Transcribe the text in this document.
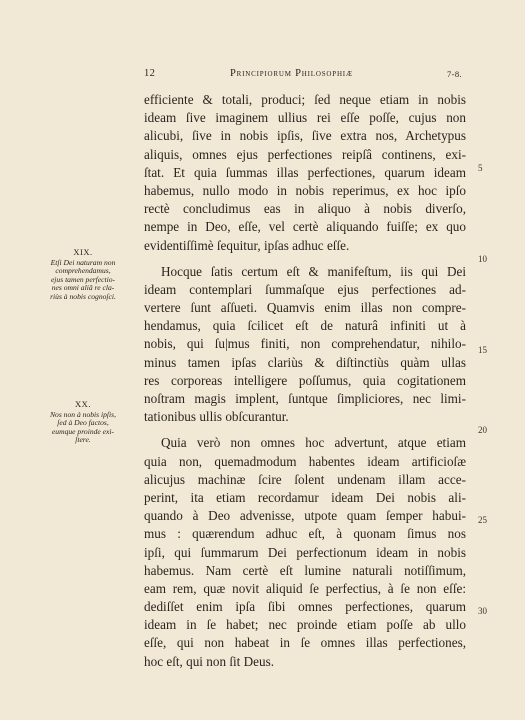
12	Principiorum Philosophiæ	7-8.
XIX.
Etſi Dei naturam non
comprehendamus,
ejus tamen perfectio-
nes omni aliâ re cla-
riùs à nobis cognoſci.
XX.
Nos non à nobis ipſis,
ſed à Deo factos,
eumque proinde exi-
ſtere.
5
10
15
20
25
30
efficiente & totali, produci; ſed neque etiam in nobis
ideam ſive imaginem ullius rei eſſe poſſe, cujus non
alicubi, ſive in nobis ipſis, ſive extra nos, Archetypus
aliquis, omnes ejus perfectiones reipſâ continens, exi-
ſtat. Et quia ſummas illas perfectiones, quarum ideam
habemus, nullo modo in nobis reperimus, ex hoc ipſo
rectè concludimus eas in aliquo à nobis diverſo,
nempe in Deo, eſſe, vel certè aliquando fuiſſe; ex quo
evidentiſſimè ſequitur, ipſas adhuc eſſe.
Hocque ſatis certum eſt & manifeſtum, iis qui Dei
ideam contemplari ſummaſque ejus perfectiones ad-
vertere ſunt aſſueti. Quamvis enim illas non compre-
hendamus, quia ſcilicet eſt de naturâ infiniti ut à
nobis, qui ſu|mus finiti, non comprehendatur, nihilo-
minus tamen ipſas clariùs & diſtinctiùs quàm ullas
res corporeas intelligere poſſumus, quia cogitationem
noſtram magis implent, ſuntque ſimpliciores, nec limi-
tationibus ullis obſcurantur.
Quia verò non omnes hoc advertunt, atque etiam
quia non, quemadmodum habentes ideam artificioſæ
alicujus machinæ ſcire ſolent undenam illam acce-
perint, ita etiam recordamur ideam Dei nobis ali-
quando à Deo advenisse, utpote quam ſemper habui-
mus : quærendum adhuc eſt, à quonam ſimus nos
ipſi, qui ſummarum Dei perfectionum ideam in nobis
habemus. Nam certè eſt lumine naturali notiſſimum,
eam rem, quæ novit aliquid ſe perfectius, à ſe non eſſe:
dediſſet enim ipſa ſibi omnes perfectiones, quarum
ideam in ſe habet; nec proinde etiam poſſe ab ullo
eſſe, qui non habeat in ſe omnes illas perfectiones,
hoc eſt, qui non ſit Deus.
